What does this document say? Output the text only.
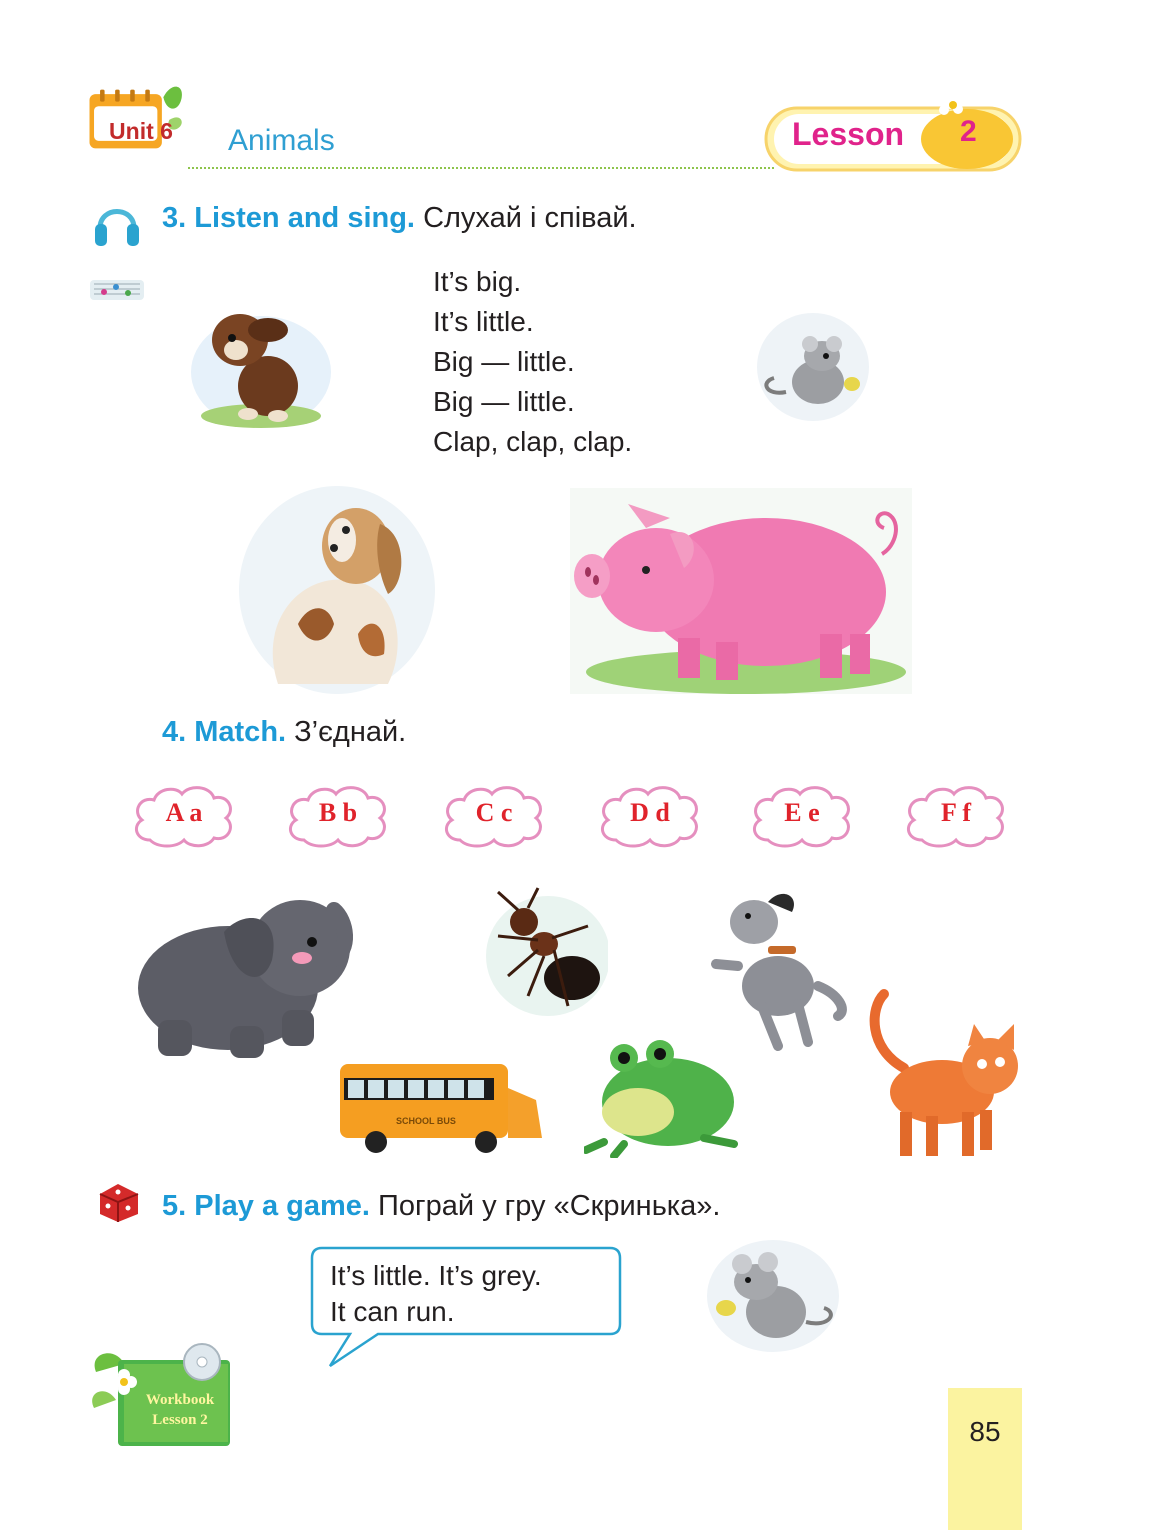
Unit 6	Animals	Lesson 2
3. Listen and sing. Слухай і співай.
It’s big.
It’s little.
Big — little.
Big — little.
Clap, clap, clap.
4. Match. З’єднай.
A a	B b	C c	D d	E e	F f
SCHOOL BUS
5. Play a game. Пограй у гру «Скринька».
It’s little. It’s grey.
It can run.
Workbook
Lesson 2	85
